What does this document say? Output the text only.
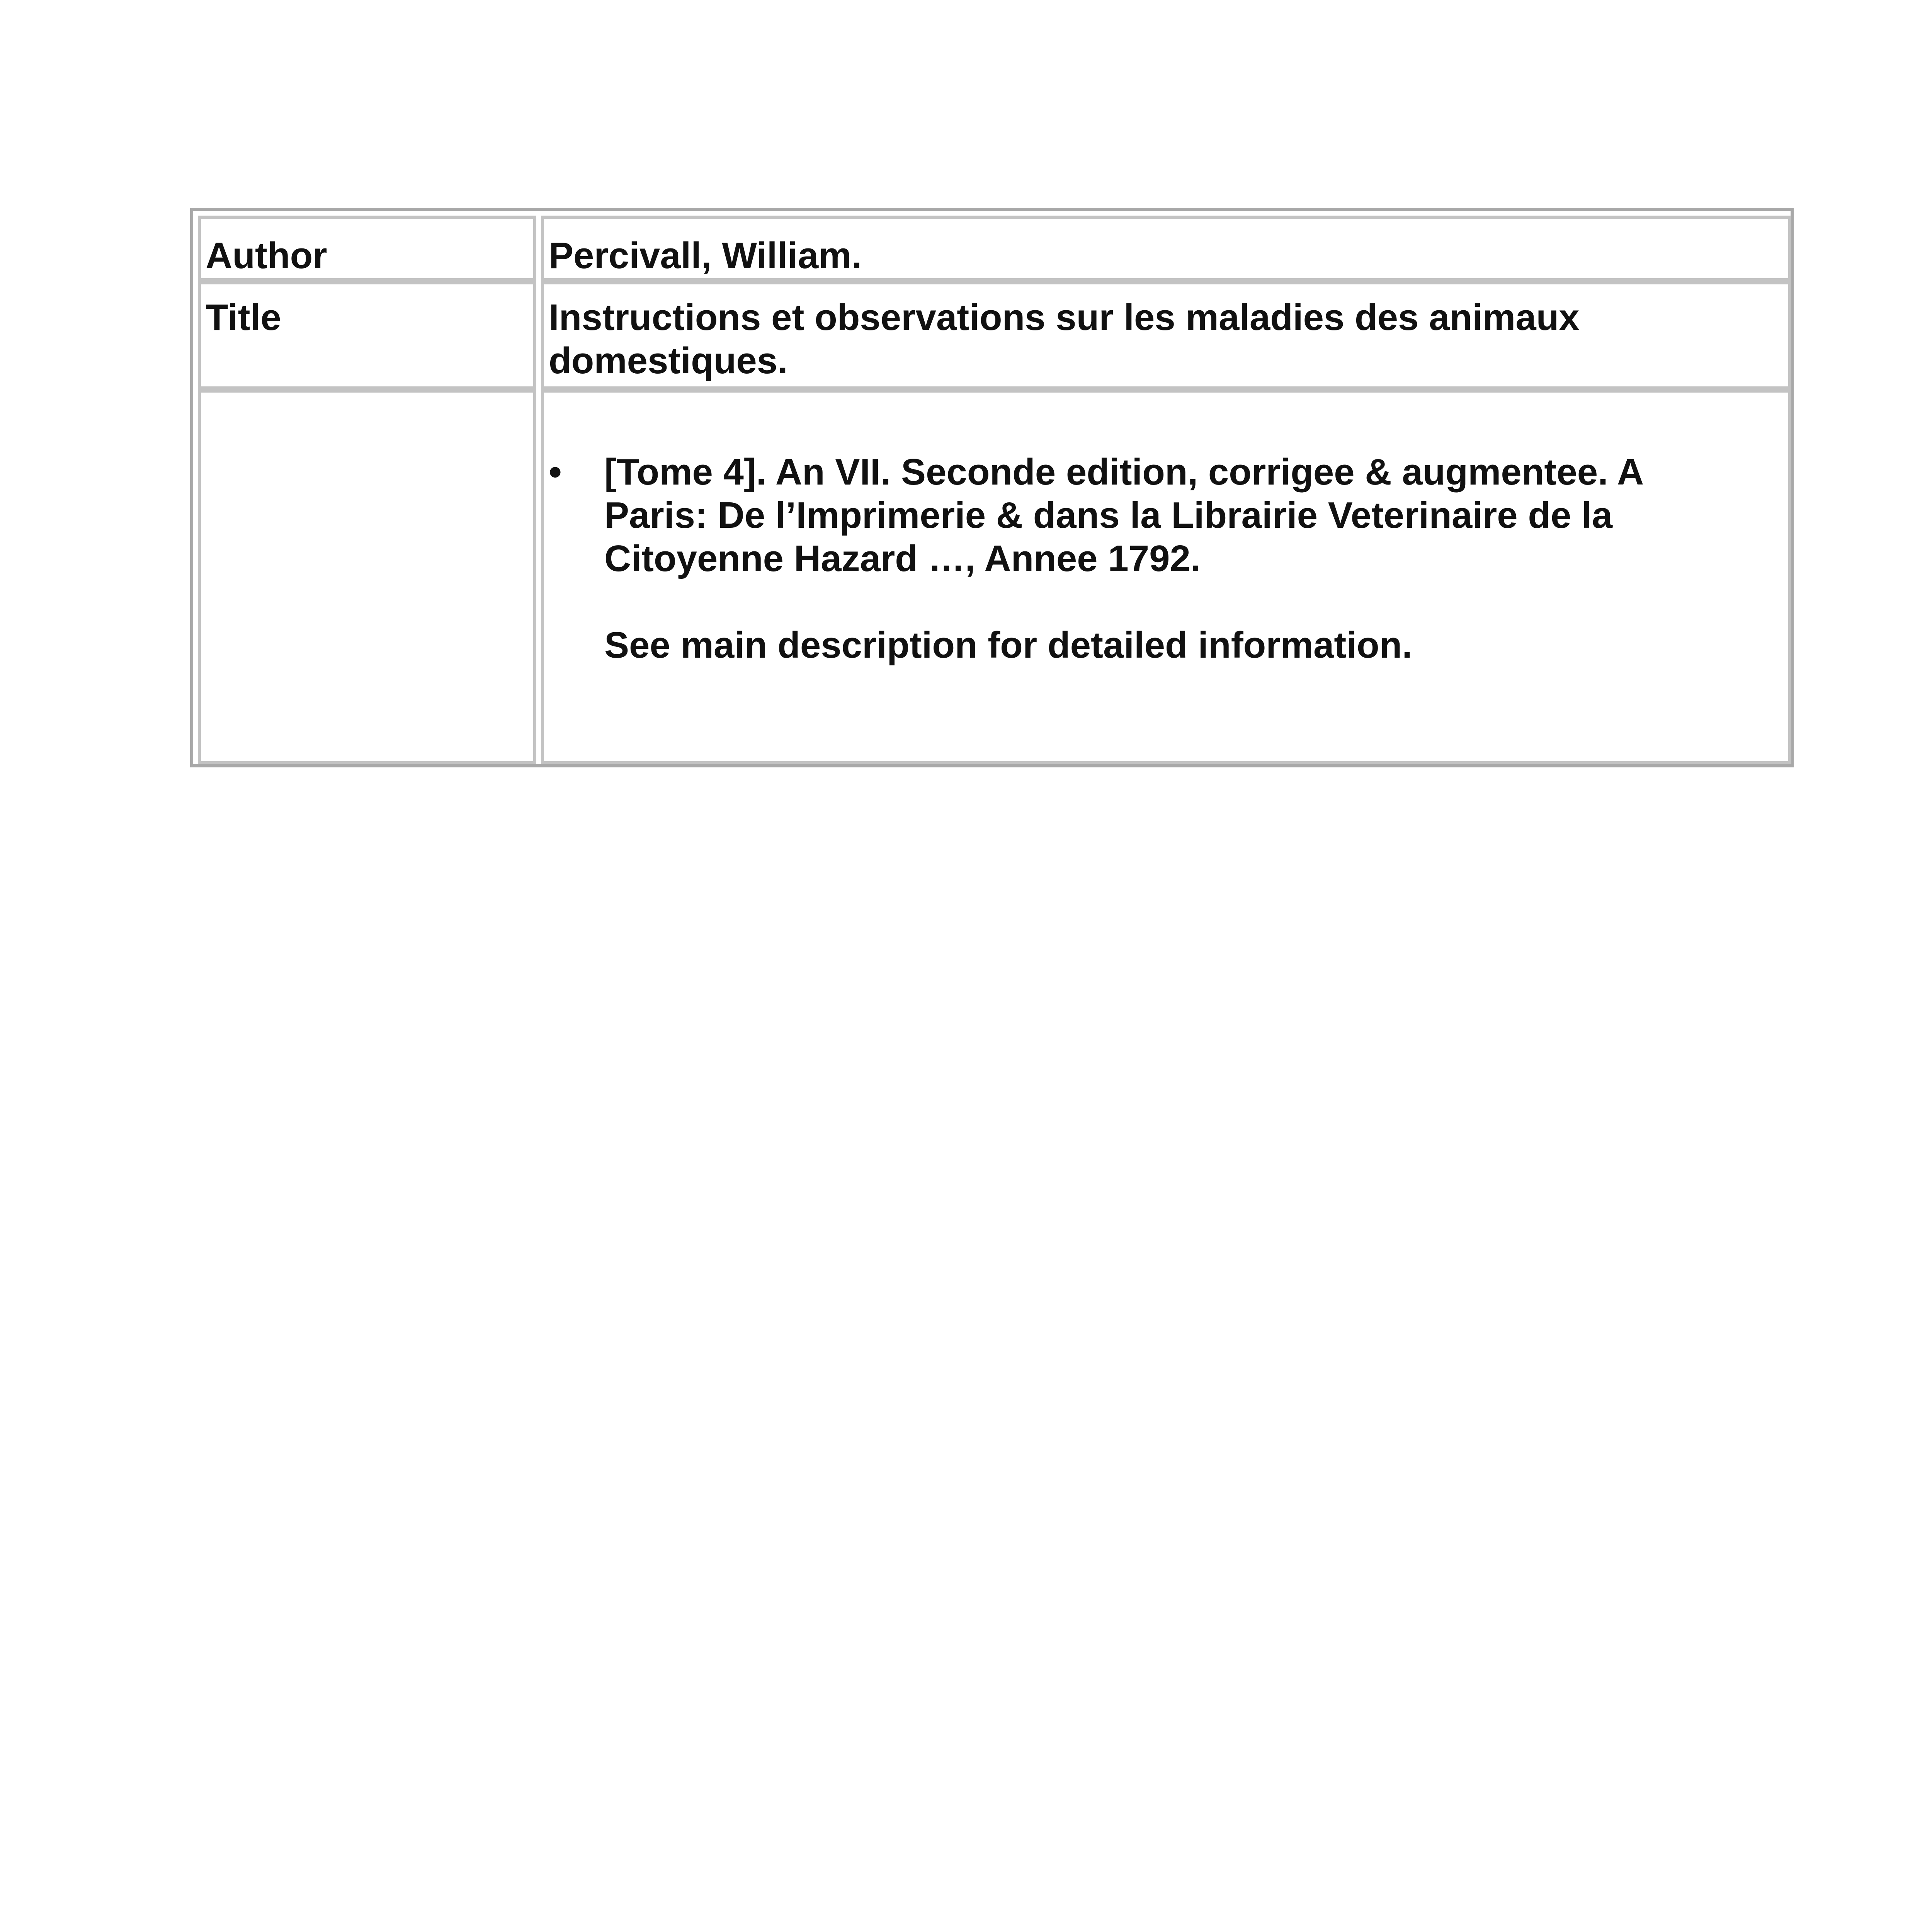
Author	Percivall, William.
Title	Instructions et observations sur les maladies des animaux domestiques.
• [Tome 4]. An VII. Seconde edition, corrigee & augmentee. A Paris: De l’Imprimerie & dans la Librairie Veterinaire de la Citoyenne Hazard …, Annee 1792.
See main description for detailed information.
